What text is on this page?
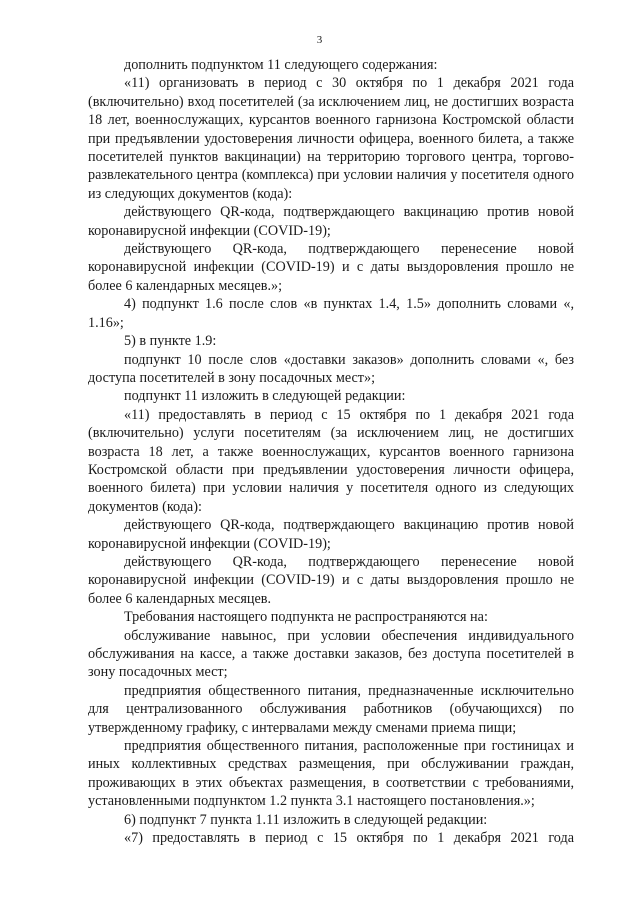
3

дополнить подпунктом 11 следующего содержания:

«11) организовать в период с 30 октября по 1 декабря 2021 года (включительно) вход посетителей (за исключением лиц, не достигших возраста 18 лет, военнослужащих, курсантов военного гарнизона Костромской области при предъявлении удостоверения личности офицера, военного билета, а также посетителей пунктов вакцинации) на территорию торгового центра, торгово-развлекательного центра (комплекса) при условии наличия у посетителя одного из следующих документов (кода):

действующего QR-кода, подтверждающего вакцинацию против новой коронавирусной инфекции (COVID-19);

действующего QR-кода, подтверждающего перенесение новой коронавирусной инфекции (COVID-19) и с даты выздоровления прошло не более 6 календарных месяцев.»;

4) подпункт 1.6 после слов «в пунктах 1.4, 1.5» дополнить словами «, 1.16»;

5) в пункте 1.9:

подпункт 10 после слов «доставки заказов» дополнить словами «, без доступа посетителей в зону посадочных мест»;

подпункт 11 изложить в следующей редакции:

«11) предоставлять в период с 15 октября по 1 декабря 2021 года (включительно) услуги посетителям (за исключением лиц, не достигших возраста 18 лет, а также военнослужащих, курсантов военного гарнизона Костромской области при предъявлении удостоверения личности офицера, военного билета) при условии наличия у посетителя одного из следующих документов (кода):

действующего QR-кода, подтверждающего вакцинацию против новой коронавирусной инфекции (COVID-19);

действующего QR-кода, подтверждающего перенесение новой коронавирусной инфекции (COVID-19) и с даты выздоровления прошло не более 6 календарных месяцев.

Требования настоящего подпункта не распространяются на:

обслуживание навынос, при условии обеспечения индивидуального обслуживания на кассе, а также доставки заказов, без доступа посетителей в зону посадочных мест;

предприятия общественного питания, предназначенные исключительно для централизованного обслуживания работников (обучающихся) по утвержденному графику, с интервалами между сменами приема пищи;

предприятия общественного питания, расположенные при гостиницах и иных коллективных средствах размещения, при обслуживании граждан, проживающих в этих объектах размещения, в соответствии с требованиями, установленными подпунктом 1.2 пункта 3.1 настоящего постановления.»;

6) подпункт 7 пункта 1.11 изложить в следующей редакции:

«7) предоставлять в период с 15 октября по 1 декабря 2021 года
